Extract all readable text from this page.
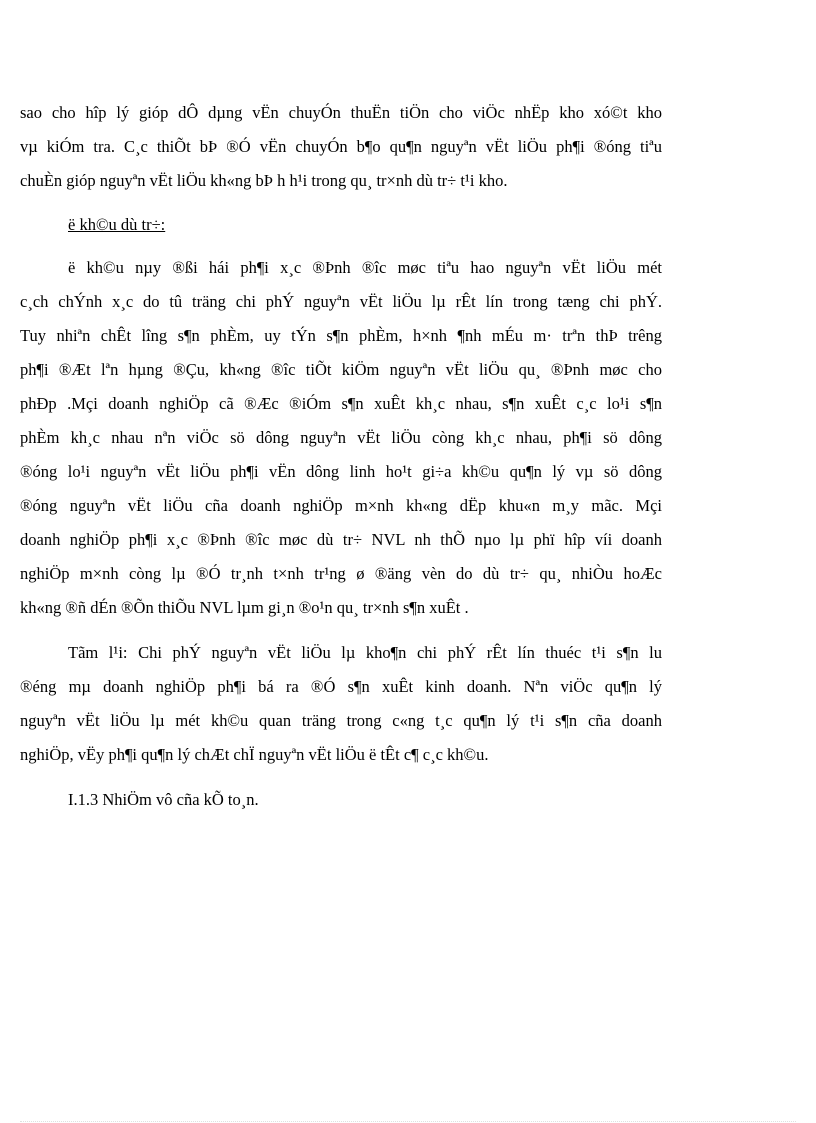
sao cho hîp lý gióp dÔ dµng vËn chuyÓn thuËn tiÖn cho viÖc nhËp kho xó©t kho
vµ kiÓm tra. C¸c thiÕt bÞ ®Ó vËn chuyÓn b¶o qu¶n nguyªn vËt liÖu ph¶i ®óng tiªu
chuÈn gióp nguyªn vËt liÖu kh«ng bÞ h h¹i trong qu¸ tr×nh dù tr÷ t¹i kho.
ë kh©u dù tr÷:
ë kh©u nµy ®ßi hái ph¶i x¸c ®Þnh ®îc møc tiªu hao nguyªn vËt liÖu mét
c¸ch chÝnh x¸c do tû träng chi phÝ nguyªn vËt liÖu lµ rÊt lín trong tæng chi phÝ.
Tuy nhiªn chÊt lîng s¶n phÈm, uy tÝn s¶n phÈm, h×nh ¶nh mÉu m· trªn thÞ trêng
ph¶i ®Æt lªn hµng ®Çu, kh«ng ®îc tiÕt kiÖm nguyªn vËt liÖu qu¸ ®Þnh møc cho
phÐp .Mçi doanh nghiÖp cã ®Æc ®iÓm s¶n xuÊt kh¸c nhau, s¶n xuÊt c¸c lo¹i s¶n
phÈm kh¸c nhau nªn viÖc sö dông nguyªn vËt liÖu còng kh¸c nhau, ph¶i sö dông
®óng lo¹i nguyªn vËt liÖu ph¶i vËn dông linh ho¹t gi÷a kh©u qu¶n lý vµ sö dông
®óng nguyªn vËt liÖu cña doanh nghiÖp m×nh kh«ng dËp khu«n m¸y mãc. Mçi
doanh nghiÖp ph¶i x¸c ®Þnh ®îc møc dù tr÷ NVL nh thÕ nµo lµ phï hîp víi doanh
nghiÖp m×nh còng lµ ®Ó tr¸nh t×nh tr¹ng ø ®äng vèn do dù tr÷ qu¸ nhiÒu hoÆc
kh«ng ®ñ dÉn ®Õn thiÕu NVL lµm gi¸n ®o¹n qu¸ tr×nh s¶n xuÊt .
Tãm l¹i: Chi phÝ nguyªn vËt liÖu lµ kho¶n chi phÝ rÊt lín thuéc t¹i s¶n lu
®éng mµ doanh nghiÖp ph¶i bá ra ®Ó s¶n xuÊt kinh doanh. Nªn viÖc qu¶n lý
nguyªn vËt liÖu lµ mét kh©u quan träng trong c«ng t¸c qu¶n lý t¹i s¶n cña doanh
nghiÖp, vËy ph¶i qu¶n lý chÆt chÏ nguyªn vËt liÖu ë tÊt c¶ c¸c kh©u.
I.1.3 NhiÖm vô cña kÕ to¸n.
